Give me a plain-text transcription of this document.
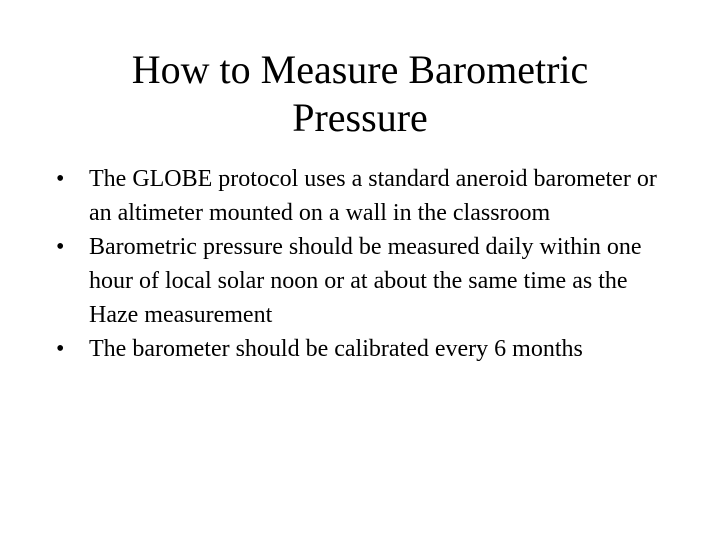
How to Measure Barometric Pressure
• The GLOBE protocol uses a standard aneroid barometer or an altimeter mounted on a wall in the classroom
• Barometric pressure should be measured daily within one hour of local solar noon or at about the same time as the Haze measurement
• The barometer should be calibrated every 6 months
